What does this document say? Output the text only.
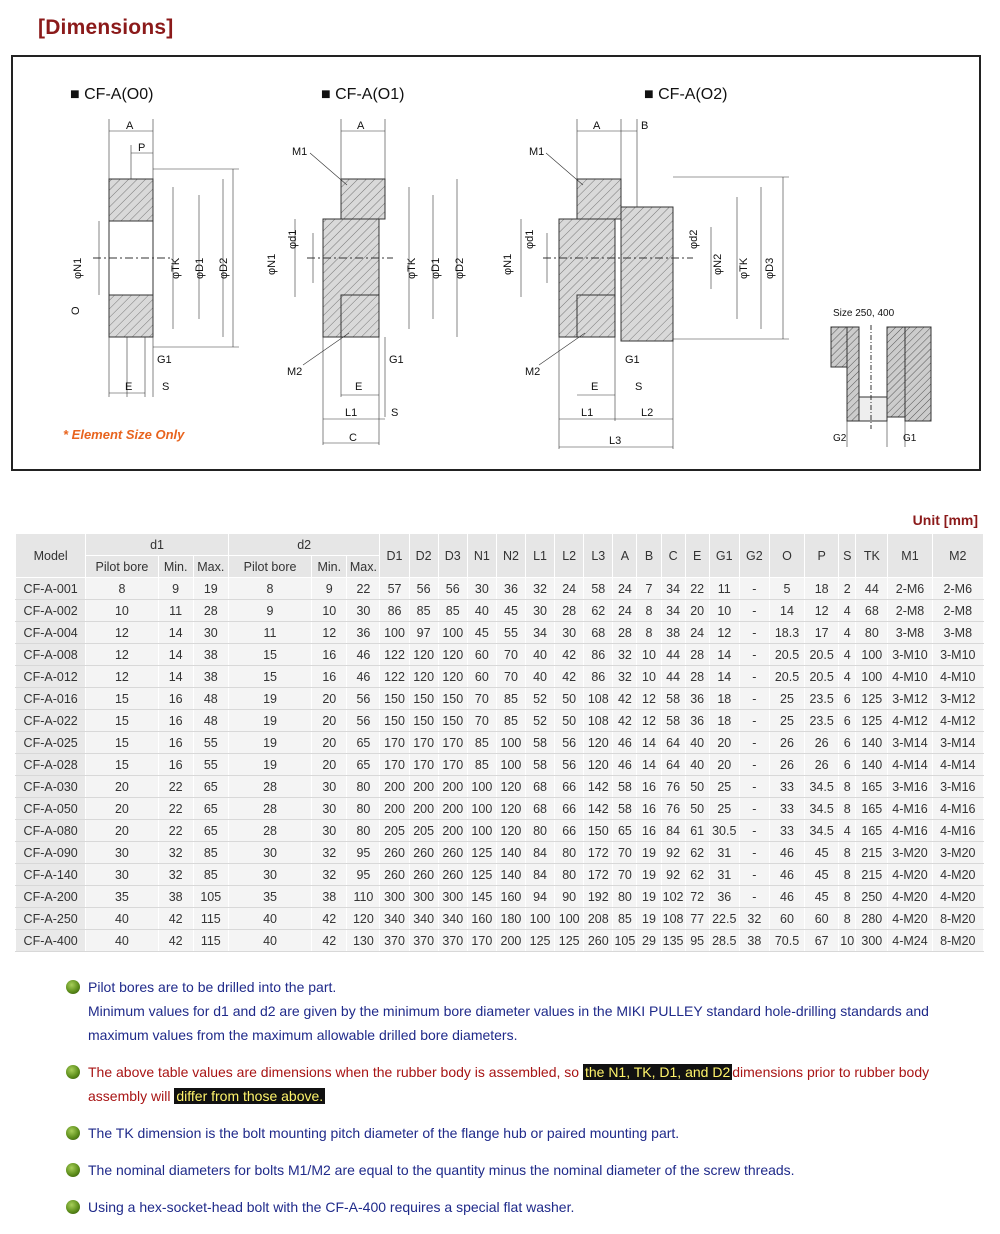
[Dimensions]
■ CF-A(O0)	■ CF-A(O1)	■ CF-A(O2)
A
P
φN1	φTK φD1 φD2
O
G1
E	S
* Element Size Only
A
M1
φN1
φd1
φTK φD1 φD2
M2
G1
E
L1	S
C
A	B
M1
φN1
φd1	φd2
φN2 φTK φD3
M2
G1
E	S
L1	L2
L3
Size 250, 400
G2	G1
Unit [mm]
Model	d1			d2			D1	D2	D3	N1	N2	L1	L2	L3	A	B	C	E	G1	G2	O	P	S	TK	M1	M2
	Pilot bore	Min.	Max.	Pilot bore	Min.	Max.																				
CF-A-001	8	9	19	8	9	22	57	56	56	30	36	32	24	58	24	7	34	22	11	-	5	18	2	44	2-M6	2-M6
CF-A-002	10	11	28	9	10	30	86	85	85	40	45	30	28	62	24	8	34	20	10	-	14	12	4	68	2-M8	2-M8
CF-A-004	12	14	30	11	12	36	100	97	100	45	55	34	30	68	28	8	38	24	12	-	18.3	17	4	80	3-M8	3-M8
CF-A-008	12	14	38	15	16	46	122	120	120	60	70	40	42	86	32	10	44	28	14	-	20.5	20.5	4	100	3-M10	3-M10
CF-A-012	12	14	38	15	16	46	122	120	120	60	70	40	42	86	32	10	44	28	14	-	20.5	20.5	4	100	4-M10	4-M10
CF-A-016	15	16	48	19	20	56	150	150	150	70	85	52	50	108	42	12	58	36	18	-	25	23.5	6	125	3-M12	3-M12
CF-A-022	15	16	48	19	20	56	150	150	150	70	85	52	50	108	42	12	58	36	18	-	25	23.5	6	125	4-M12	4-M12
CF-A-025	15	16	55	19	20	65	170	170	170	85	100	58	56	120	46	14	64	40	20	-	26	26	6	140	3-M14	3-M14
CF-A-028	15	16	55	19	20	65	170	170	170	85	100	58	56	120	46	14	64	40	20	-	26	26	6	140	4-M14	4-M14
CF-A-030	20	22	65	28	30	80	200	200	200	100	120	68	66	142	58	16	76	50	25	-	33	34.5	8	165	3-M16	3-M16
CF-A-050	20	22	65	28	30	80	200	200	200	100	120	68	66	142	58	16	76	50	25	-	33	34.5	8	165	4-M16	4-M16
CF-A-080	20	22	65	28	30	80	205	205	200	100	120	80	66	150	65	16	84	61	30.5	-	33	34.5	4	165	4-M16	4-M16
CF-A-090	30	32	85	30	32	95	260	260	260	125	140	84	80	172	70	19	92	62	31	-	46	45	8	215	3-M20	3-M20
CF-A-140	30	32	85	30	32	95	260	260	260	125	140	84	80	172	70	19	92	62	31	-	46	45	8	215	4-M20	4-M20
CF-A-200	35	38	105	35	38	110	300	300	300	145	160	94	90	192	80	19	102	72	36	-	46	45	8	250	4-M20	4-M20
CF-A-250	40	42	115	40	42	120	340	340	340	160	180	100	100	208	85	19	108	77	22.5	32	60	60	8	280	4-M20	8-M20
CF-A-400	40	42	115	40	42	130	370	370	370	170	200	125	125	260	105	29	135	95	28.5	38	70.5	67	10	300	4-M24	8-M20
Pilot bores are to be drilled into the part.
Minimum values for d1 and d2 are given by the minimum bore diameter values in the MIKI PULLEY standard hole-drilling standards and maximum values from the maximum allowable drilled bore diameters.
The above table values are dimensions when the rubber body is assembled, so the N1, TK, D1, and D2 dimensions prior to rubber body assembly will differ from those above.
The TK dimension is the bolt mounting pitch diameter of the flange hub or paired mounting part.
The nominal diameters for bolts M1/M2 are equal to the quantity minus the nominal diameter of the screw threads.
Using a hex-socket-head bolt with the CF-A-400 requires a special flat washer.
